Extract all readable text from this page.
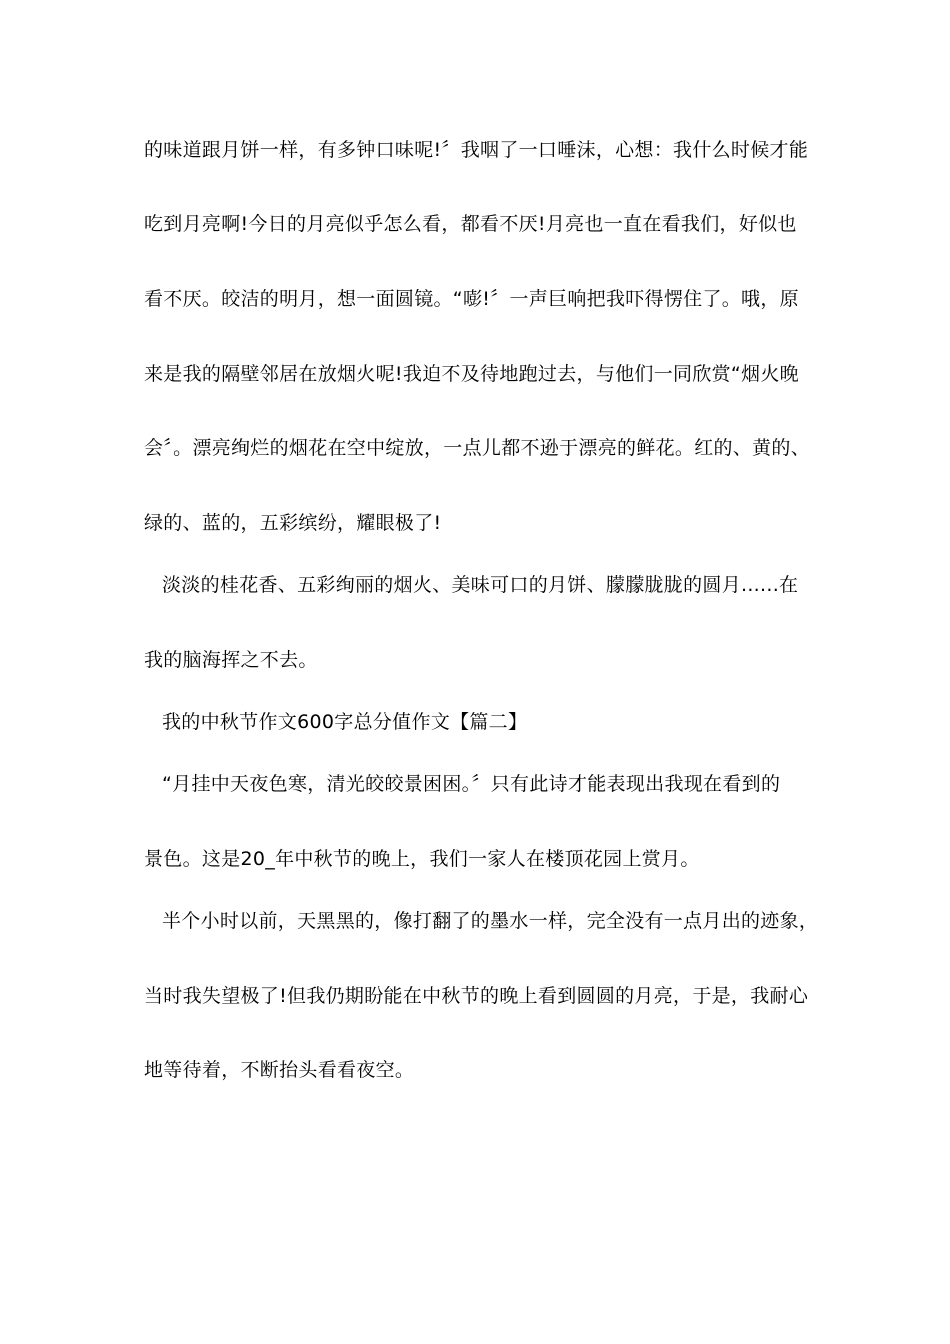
的味道跟月饼一样，有多钟口味呢!〞我咽了一口唾沫，心想：我什么时候才能
吃到月亮啊!今日的月亮似乎怎么看，都看不厌!月亮也一直在看我们，好似也
看不厌。皎洁的明月，想一面圆镜。“嘭!〞一声巨响把我吓得愣住了。哦，原
来是我的隔壁邻居在放烟火呢!我迫不及待地跑过去，与他们一同欣赏“烟火晚
会〞。漂亮绚烂的烟花在空中绽放，一点儿都不逊于漂亮的鲜花。红的、黄的、
绿的、蓝的，五彩缤纷，耀眼极了!
淡淡的桂花香、五彩绚丽的烟火、美味可口的月饼、朦朦胧胧的圆月......在
我的脑海挥之不去。
我的中秋节作文600字总分值作文【篇二】
“月挂中天夜色寒，清光皎皎景困困。〞只有此诗才能表现出我现在看到的
景色。这是20_年中秋节的晚上，我们一家人在楼顶花园上赏月。
半个小时以前，天黑黑的，像打翻了的墨水一样，完全没有一点月出的迹象，
当时我失望极了!但我仍期盼能在中秋节的晚上看到圆圆的月亮，于是，我耐心
地等待着，不断抬头看看夜空。
